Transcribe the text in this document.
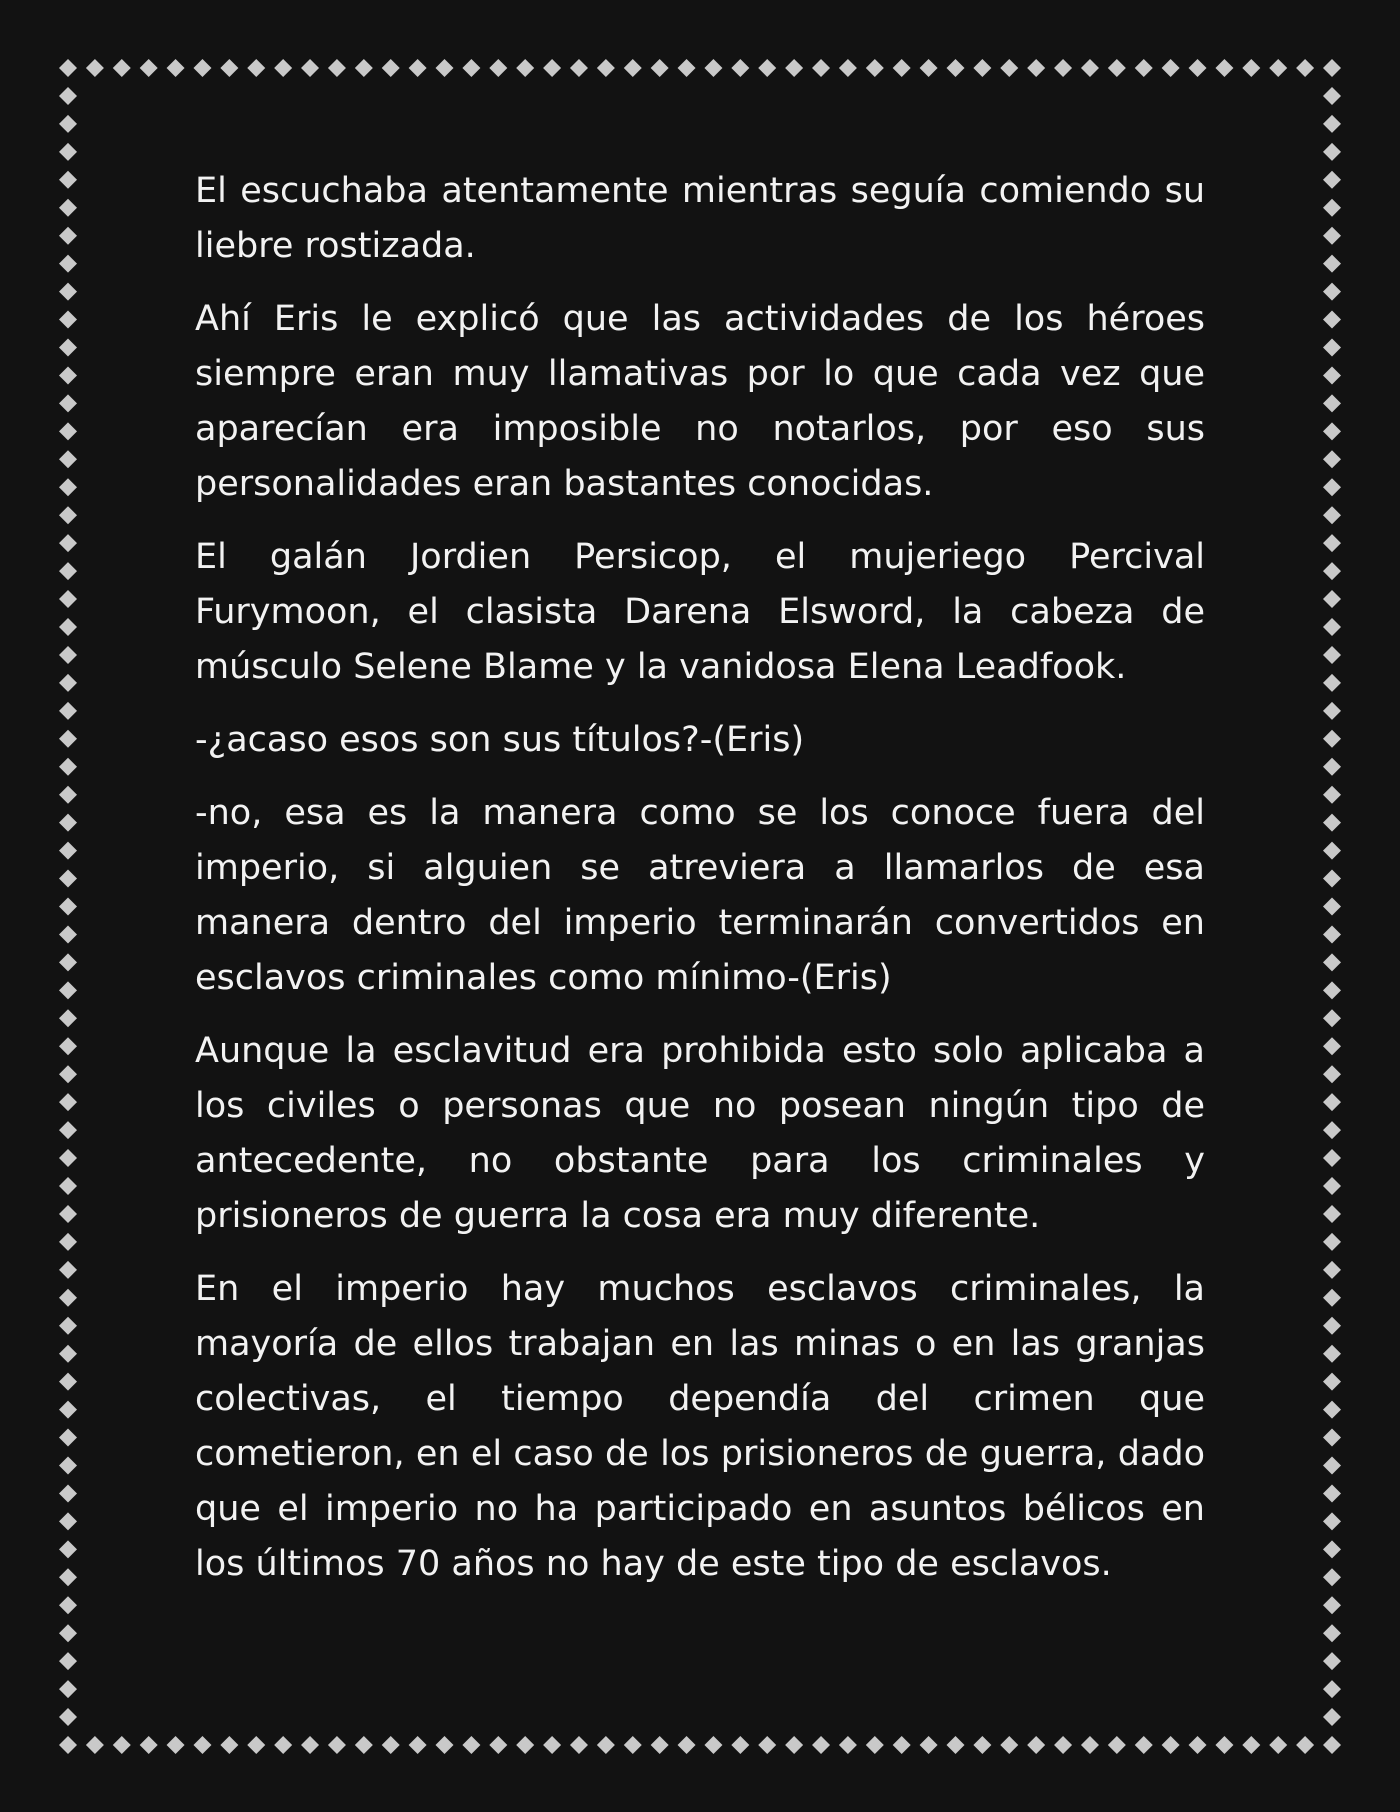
El escuchaba atentamente mientras seguía comiendo su liebre rostizada.

Ahí Eris le explicó que las actividades de los héroes siempre eran muy llamativas por lo que cada vez que aparecían era imposible no notarlos, por eso sus personalidades eran bastantes conocidas.

El galán Jordien Persicop, el mujeriego Percival Furymoon, el clasista Darena Elsword, la cabeza de músculo Selene Blame y la vanidosa Elena Leadfook.

-¿acaso esos son sus títulos?-(Eris)

-no, esa es la manera como se los conoce fuera del imperio, si alguien se atreviera a llamarlos de esa manera dentro del imperio terminarán convertidos en esclavos criminales como mínimo-(Eris)

Aunque la esclavitud era prohibida esto solo aplicaba a los civiles o personas que no posean ningún tipo de antecedente, no obstante para los criminales y prisioneros de guerra la cosa era muy diferente.

En el imperio hay muchos esclavos criminales, la mayoría de ellos trabajan en las minas o en las granjas colectivas, el tiempo dependía del crimen que cometieron, en el caso de los prisioneros de guerra, dado que el imperio no ha participado en asuntos bélicos en los últimos 70 años no hay de este tipo de esclavos.
